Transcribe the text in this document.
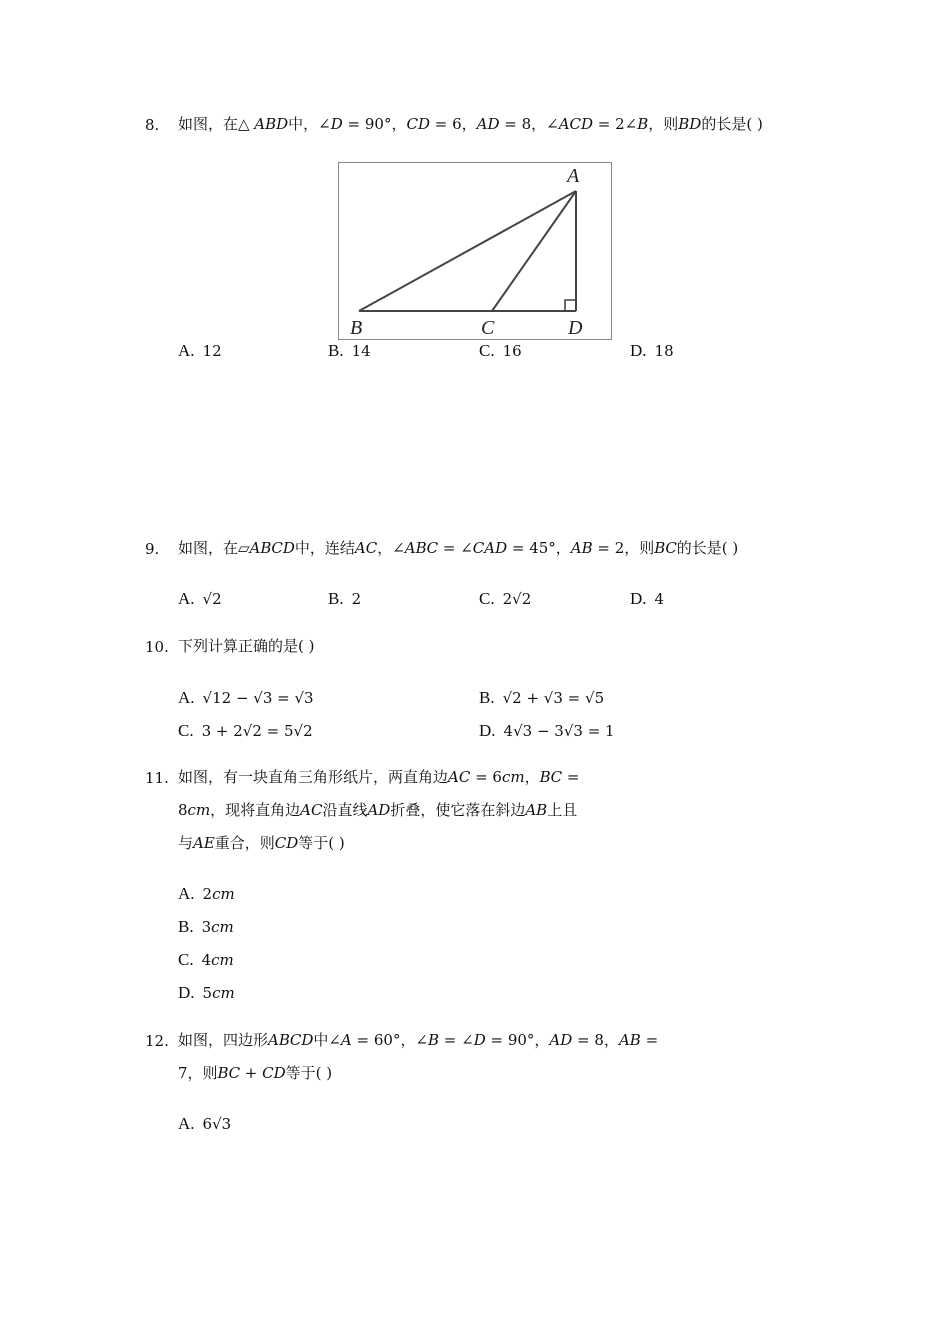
8. 如图，在△ 𝐴𝐵𝐷中，∠𝐷 = 90°，𝐶𝐷 = 6，𝐴𝐷 = 8，∠𝐴𝐶𝐷 = 2∠𝐵，则𝐵𝐷的长是( )
A
B	C	D
A. 12	B. 14	C. 16	D. 18
9. 如图，在▱𝐴𝐵𝐶𝐷中，连结𝐴𝐶，∠𝐴𝐵𝐶 = ∠𝐶𝐴𝐷 = 45°，𝐴𝐵 = 2，则𝐵𝐶的长是( )
A. √2	B. 2	C. 2√2	D. 4
10. 下列计算正确的是( )
A. √12 − √3 = √3	B. √2 + √3 = √5
C. 3 + 2√2 = 5√2	D. 4√3 − 3√3 = 1
11. 如图，有一块直角三角形纸片，两直角边𝐴𝐶 = 6𝑐𝑚，𝐵𝐶 =
8𝑐𝑚，现将直角边𝐴𝐶沿直线𝐴𝐷折叠，使它落在斜边𝐴𝐵上且
与𝐴𝐸重合，则𝐶𝐷等于( )
A. 2𝑐𝑚
B. 3𝑐𝑚
C. 4𝑐𝑚
D. 5𝑐𝑚
12. 如图，四边形𝐴𝐵𝐶𝐷中∠𝐴 = 60°，∠𝐵 = ∠𝐷 = 90°，𝐴𝐷 = 8，𝐴𝐵 =
7，则𝐵𝐶 + 𝐶𝐷等于( )
A. 6√3
